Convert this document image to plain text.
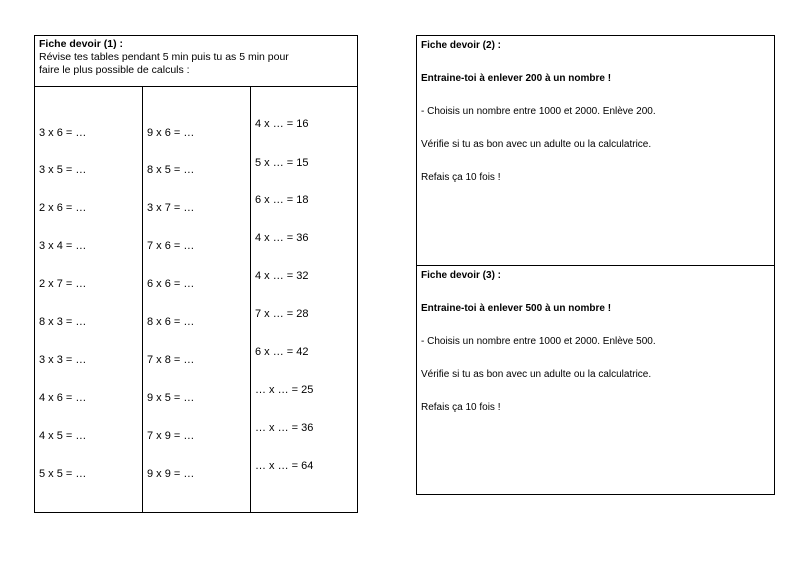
Fiche devoir (1) :
Révise tes tables pendant 5 min puis tu as 5 min pour
faire le plus possible de calculs :
3 x 6 = …
3 x 5 = …
2 x 6 = …
3 x 4 = …
2 x 7 = …
8 x 3 = …
3 x 3 = …
4 x 6 = …
4 x 5 = …
5 x 5 = …
9 x 6 = …
8 x 5 = …
3 x 7 = …
7 x 6 = …
6 x 6 = …
8 x 6 = …
7 x 8 = …
9 x 5 = …
7 x 9 = …
9 x 9 = …
4 x … = 16
5 x … = 15
6 x … = 18
4 x … = 36
4 x … = 32
7 x … = 28
6 x … = 42
… x … = 25
… x … = 36
… x … = 64
Fiche devoir (2) :
Entraine-toi à enlever 200 à un nombre !
- Choisis un nombre entre 1000 et 2000. Enlève 200.
Vérifie si tu as bon avec un adulte ou la calculatrice.
Refais ça 10 fois !
Fiche devoir (3) :
Entraine-toi à enlever 500 à un nombre !
- Choisis un nombre entre 1000 et 2000. Enlève 500.
Vérifie si tu as bon avec un adulte ou la calculatrice.
Refais ça 10 fois !
